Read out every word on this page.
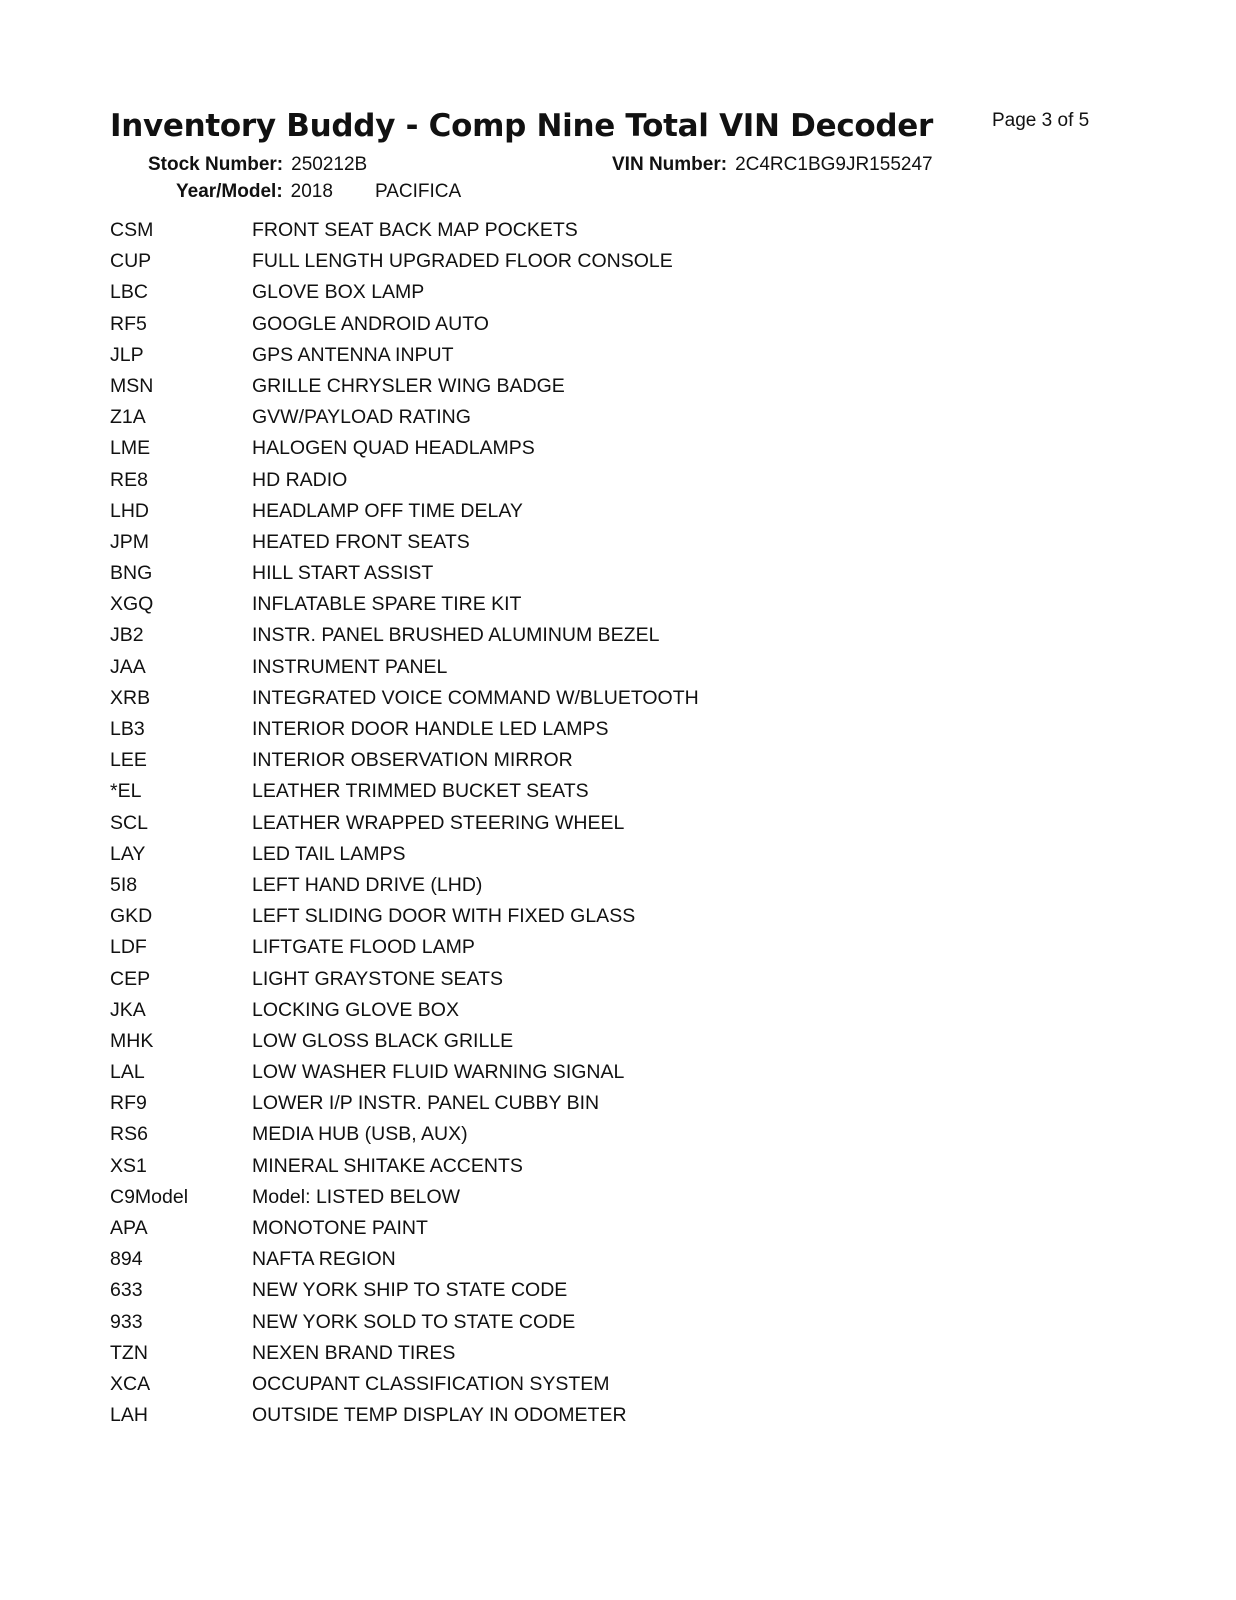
Inventory Buddy - Comp Nine Total VIN Decoder	Page 3 of 5
Stock Number: 250212B	VIN Number: 2C4RC1BG9JR155247
Year/Model: 2018 PACIFICA
CSM	FRONT SEAT BACK MAP POCKETS
CUP	FULL LENGTH UPGRADED FLOOR CONSOLE
LBC	GLOVE BOX LAMP
RF5	GOOGLE ANDROID AUTO
JLP	GPS ANTENNA INPUT
MSN	GRILLE CHRYSLER WING BADGE
Z1A	GVW/PAYLOAD RATING
LME	HALOGEN QUAD HEADLAMPS
RE8	HD RADIO
LHD	HEADLAMP OFF TIME DELAY
JPM	HEATED FRONT SEATS
BNG	HILL START ASSIST
XGQ	INFLATABLE SPARE TIRE KIT
JB2	INSTR. PANEL BRUSHED ALUMINUM BEZEL
JAA	INSTRUMENT PANEL
XRB	INTEGRATED VOICE COMMAND W/BLUETOOTH
LB3	INTERIOR DOOR HANDLE LED LAMPS
LEE	INTERIOR OBSERVATION MIRROR
*EL	LEATHER TRIMMED BUCKET SEATS
SCL	LEATHER WRAPPED STEERING WHEEL
LAY	LED TAIL LAMPS
5I8	LEFT HAND DRIVE (LHD)
GKD	LEFT SLIDING DOOR WITH FIXED GLASS
LDF	LIFTGATE FLOOD LAMP
CEP	LIGHT GRAYSTONE SEATS
JKA	LOCKING GLOVE BOX
MHK	LOW GLOSS BLACK GRILLE
LAL	LOW WASHER FLUID WARNING SIGNAL
RF9	LOWER I/P INSTR. PANEL CUBBY BIN
RS6	MEDIA HUB (USB, AUX)
XS1	MINERAL SHITAKE ACCENTS
C9Model	Model: LISTED BELOW
APA	MONOTONE PAINT
894	NAFTA REGION
633	NEW YORK SHIP TO STATE CODE
933	NEW YORK SOLD TO STATE CODE
TZN	NEXEN BRAND TIRES
XCA	OCCUPANT CLASSIFICATION SYSTEM
LAH	OUTSIDE TEMP DISPLAY IN ODOMETER
